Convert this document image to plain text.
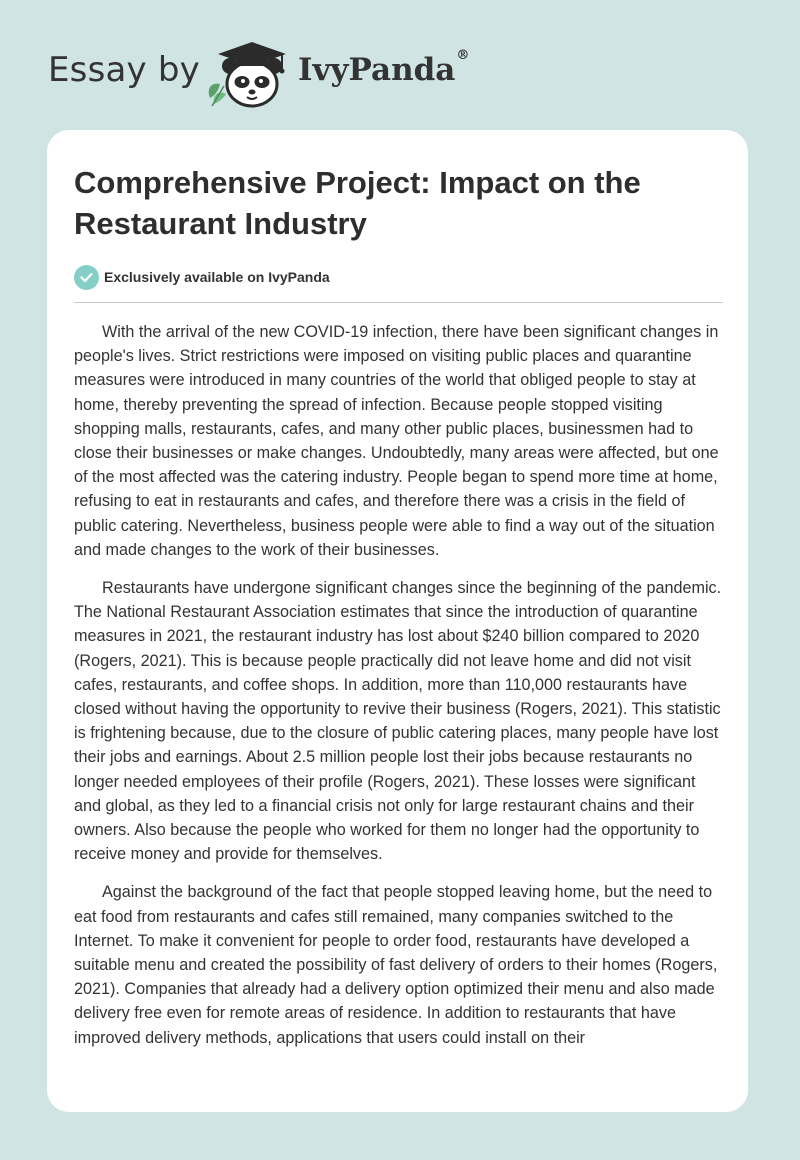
Essay by	IvyPanda®
Comprehensive Project: Impact on the Restaurant Industry
Exclusively available on IvyPanda

With the arrival of the new COVID-19 infection, there have been significant changes in people's lives. Strict restrictions were imposed on visiting public places and quarantine measures were introduced in many countries of the world that obliged people to stay at home, thereby preventing the spread of infection. Because people stopped visiting shopping malls, restaurants, cafes, and many other public places, businessmen had to close their businesses or make changes. Undoubtedly, many areas were affected, but one of the most affected was the catering industry. People began to spend more time at home, refusing to eat in restaurants and cafes, and therefore there was a crisis in the field of public catering. Nevertheless, business people were able to find a way out of the situation and made changes to the work of their businesses.

Restaurants have undergone significant changes since the beginning of the pandemic. The National Restaurant Association estimates that since the introduction of quarantine measures in 2021, the restaurant industry has lost about $240 billion compared to 2020 (Rogers, 2021). This is because people practically did not leave home and did not visit cafes, restaurants, and coffee shops. In addition, more than 110,000 restaurants have closed without having the opportunity to revive their business (Rogers, 2021). This statistic is frightening because, due to the closure of public catering places, many people have lost their jobs and earnings. About 2.5 million people lost their jobs because restaurants no longer needed employees of their profile (Rogers, 2021). These losses were significant and global, as they led to a financial crisis not only for large restaurant chains and their owners. Also because the people who worked for them no longer had the opportunity to receive money and provide for themselves.

Against the background of the fact that people stopped leaving home, but the need to eat food from restaurants and cafes still remained, many companies switched to the Internet. To make it convenient for people to order food, restaurants have developed a suitable menu and created the possibility of fast delivery of orders to their homes (Rogers, 2021). Companies that already had a delivery option optimized their menu and also made delivery free even for remote areas of residence. In addition to restaurants that have improved delivery methods, applications that users could install on their
